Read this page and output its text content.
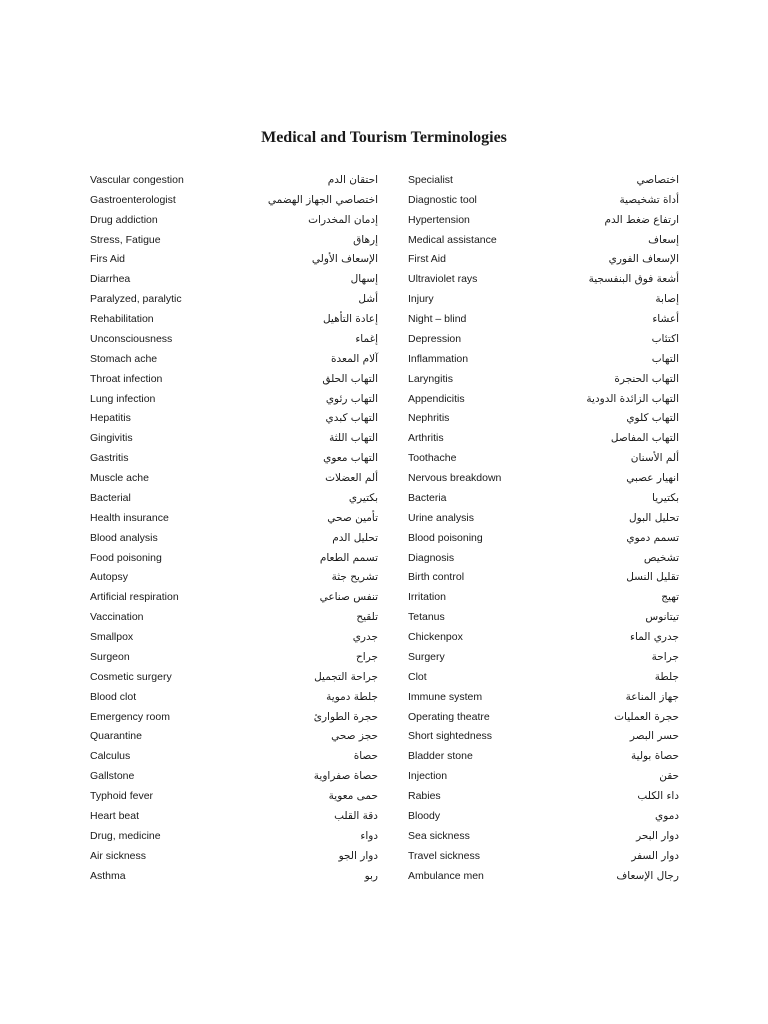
Medical and Tourism Terminologies
Vascular congestion	احتقان الدم
Gastroenterologist	اختصاصي الجهاز الهضمي
Drug addiction	إدمان المخدرات
Stress, Fatigue	إرهاق
Firs Aid	الإسعاف الأولي
Diarrhea	إسهال
Paralyzed, paralytic	أشل
Rehabilitation	إعادة التأهيل
Unconsciousness	إغماء
Stomach ache	آلام المعدة
Throat infection	التهاب الحلق
Lung infection	التهاب رئوي
Hepatitis	التهاب كبدي
Gingivitis	التهاب اللثة
Gastritis	التهاب معوي
Muscle ache	ألم العضلات
Bacterial	بكتيري
Health insurance	تأمين صحي
Blood analysis	تحليل الدم
Food poisoning	تسمم الطعام
Autopsy	تشريح جثة
Artificial respiration	تنفس صناعي
Vaccination	تلقيح
Smallpox	جدري
Surgeon	جراح
Cosmetic surgery	جراحة التجميل
Blood clot	جلطة دموية
Emergency room	حجرة الطوارئ
Quarantine	حجز صحي
Calculus	حصاة
Gallstone	حصاة صفراوية
Typhoid fever	حمى معوية
Heart beat	دقة القلب
Drug, medicine	دواء
Air sickness	دوار الجو
Asthma	ربو
Specialist	اختصاصي
Diagnostic tool	أداة تشخيصية
Hypertension	ارتفاع ضغط الدم
Medical assistance	إسعاف
First Aid	الإسعاف الفوري
Ultraviolet rays	أشعة فوق البنفسجية
Injury	إصابة
Night – blind	أعشاء
Depression	اكتئاب
Inflammation	التهاب
Laryngitis	التهاب الحنجرة
Appendicitis	التهاب الزائدة الدودية
Nephritis	التهاب كلوي
Arthritis	التهاب المفاصل
Toothache	ألم الأسنان
Nervous breakdown	انهيار عصبي
Bacteria	بكتيريا
Urine analysis	تحليل البول
Blood poisoning	تسمم دموي
Diagnosis	تشخيص
Birth control	تقليل النسل
Irritation	تهيج
Tetanus	تيتانوس
Chickenpox	جدري الماء
Surgery	جراحة
Clot	جلطة
Immune system	جهاز المناعة
Operating theatre	حجرة العمليات
Short sightedness	حسر البصر
Bladder stone	حصاة بولية
Injection	حقن
Rabies	داء الكلب
Bloody	دموي
Sea sickness	دوار البحر
Travel sickness	دوار السفر
Ambulance men	رجال الإسعاف
